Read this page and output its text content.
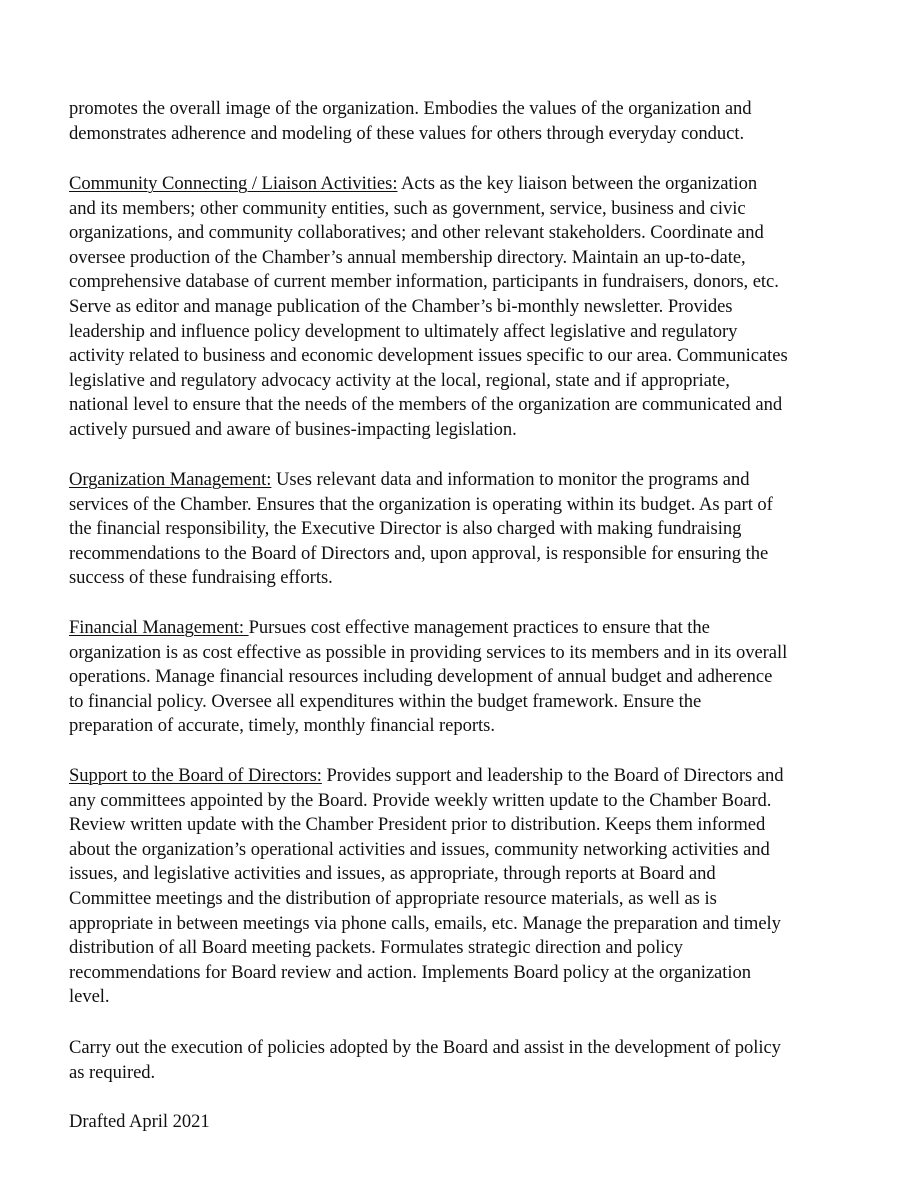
promotes the overall image of the organization. Embodies the values of the organization and
demonstrates adherence and modeling of these values for others through everyday conduct.
Community Connecting / Liaison Activities: Acts as the key liaison between the organization
and its members; other community entities, such as government, service, business and civic
organizations, and community collaboratives; and other relevant stakeholders. Coordinate and
oversee production of the Chamber’s annual membership directory. Maintain an up-to-date,
comprehensive database of current member information, participants in fundraisers, donors, etc.
Serve as editor and manage publication of the Chamber’s bi-monthly newsletter. Provides
leadership and influence policy development to ultimately affect legislative and regulatory
activity related to business and economic development issues specific to our area. Communicates
legislative and regulatory advocacy activity at the local, regional, state and if appropriate,
national level to ensure that the needs of the members of the organization are communicated and
actively pursued and aware of busines-impacting legislation.
Organization Management: Uses relevant data and information to monitor the programs and
services of the Chamber. Ensures that the organization is operating within its budget. As part of
the financial responsibility, the Executive Director is also charged with making fundraising
recommendations to the Board of Directors and, upon approval, is responsible for ensuring the
success of these fundraising efforts.
Financial Management: Pursues cost effective management practices to ensure that the
organization is as cost effective as possible in providing services to its members and in its overall
operations. Manage financial resources including development of annual budget and adherence
to financial policy. Oversee all expenditures within the budget framework. Ensure the
preparation of accurate, timely, monthly financial reports.
Support to the Board of Directors: Provides support and leadership to the Board of Directors and
any committees appointed by the Board. Provide weekly written update to the Chamber Board.
Review written update with the Chamber President prior to distribution. Keeps them informed
about the organization’s operational activities and issues, community networking activities and
issues, and legislative activities and issues, as appropriate, through reports at Board and
Committee meetings and the distribution of appropriate resource materials, as well as is
appropriate in between meetings via phone calls, emails, etc. Manage the preparation and timely
distribution of all Board meeting packets. Formulates strategic direction and policy
recommendations for Board review and action. Implements Board policy at the organization
level.
Carry out the execution of policies adopted by the Board and assist in the development of policy
as required.
Drafted April 2021
